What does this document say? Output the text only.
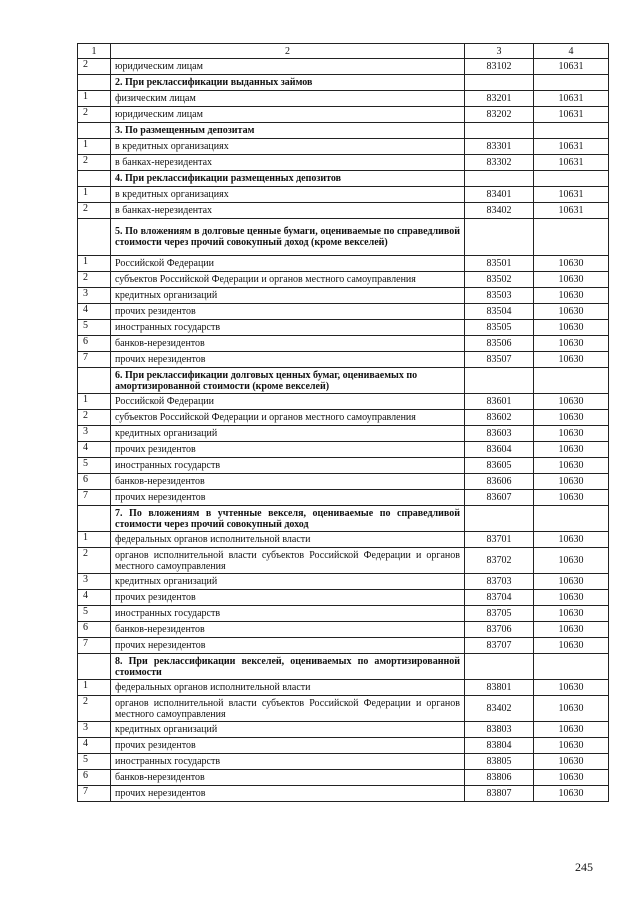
1	2	3	4
2	юридическим лицам	83102	10631
	2. При реклассификации выданных займов		
1	физическим лицам	83201	10631
2	юридическим лицам	83202	10631
	3. По размещенным депозитам		
1	в кредитных организациях	83301	10631
2	в банках-нерезидентах	83302	10631
	4. При реклассификации размещенных депозитов		
1	в кредитных организациях	83401	10631
2	в банках-нерезидентах	83402	10631
	5. По вложениям в долговые ценные бумаги, оцениваемые по справедливой стоимости через прочий совокупный доход (кроме векселей)		
1	Российской Федерации	83501	10630
2	субъектов Российской Федерации и органов местного самоуправления	83502	10630
3	кредитных организаций	83503	10630
4	прочих резидентов	83504	10630
5	иностранных государств	83505	10630
6	банков-нерезидентов	83506	10630
7	прочих нерезидентов	83507	10630
	6. При реклассификации долговых ценных бумаг, оцениваемых по амортизированной стоимости (кроме векселей)		
1	Российской Федерации	83601	10630
2	субъектов Российской Федерации и органов местного самоуправления	83602	10630
3	кредитных организаций	83603	10630
4	прочих резидентов	83604	10630
5	иностранных государств	83605	10630
6	банков-нерезидентов	83606	10630
7	прочих нерезидентов	83607	10630
	7. По вложениям в учтенные векселя, оцениваемые по справедливой стоимости через прочий совокупный доход		
1	федеральных органов исполнительной власти	83701	10630
2	органов исполнительной власти субъектов Российской Федерации и органов местного самоуправления	83702	10630
3	кредитных организаций	83703	10630
4	прочих резидентов	83704	10630
5	иностранных государств	83705	10630
6	банков-нерезидентов	83706	10630
7	прочих нерезидентов	83707	10630
	8. При реклассификации векселей, оцениваемых по амортизированной стоимости		
1	федеральных органов исполнительной власти	83801	10630
2	органов исполнительной власти субъектов Российской Федерации и органов местного самоуправления	83402	10630
3	кредитных организаций	83803	10630
4	прочих резидентов	83804	10630
5	иностранных государств	83805	10630
6	банков-нерезидентов	83806	10630
7	прочих нерезидентов	83807	10630
245
